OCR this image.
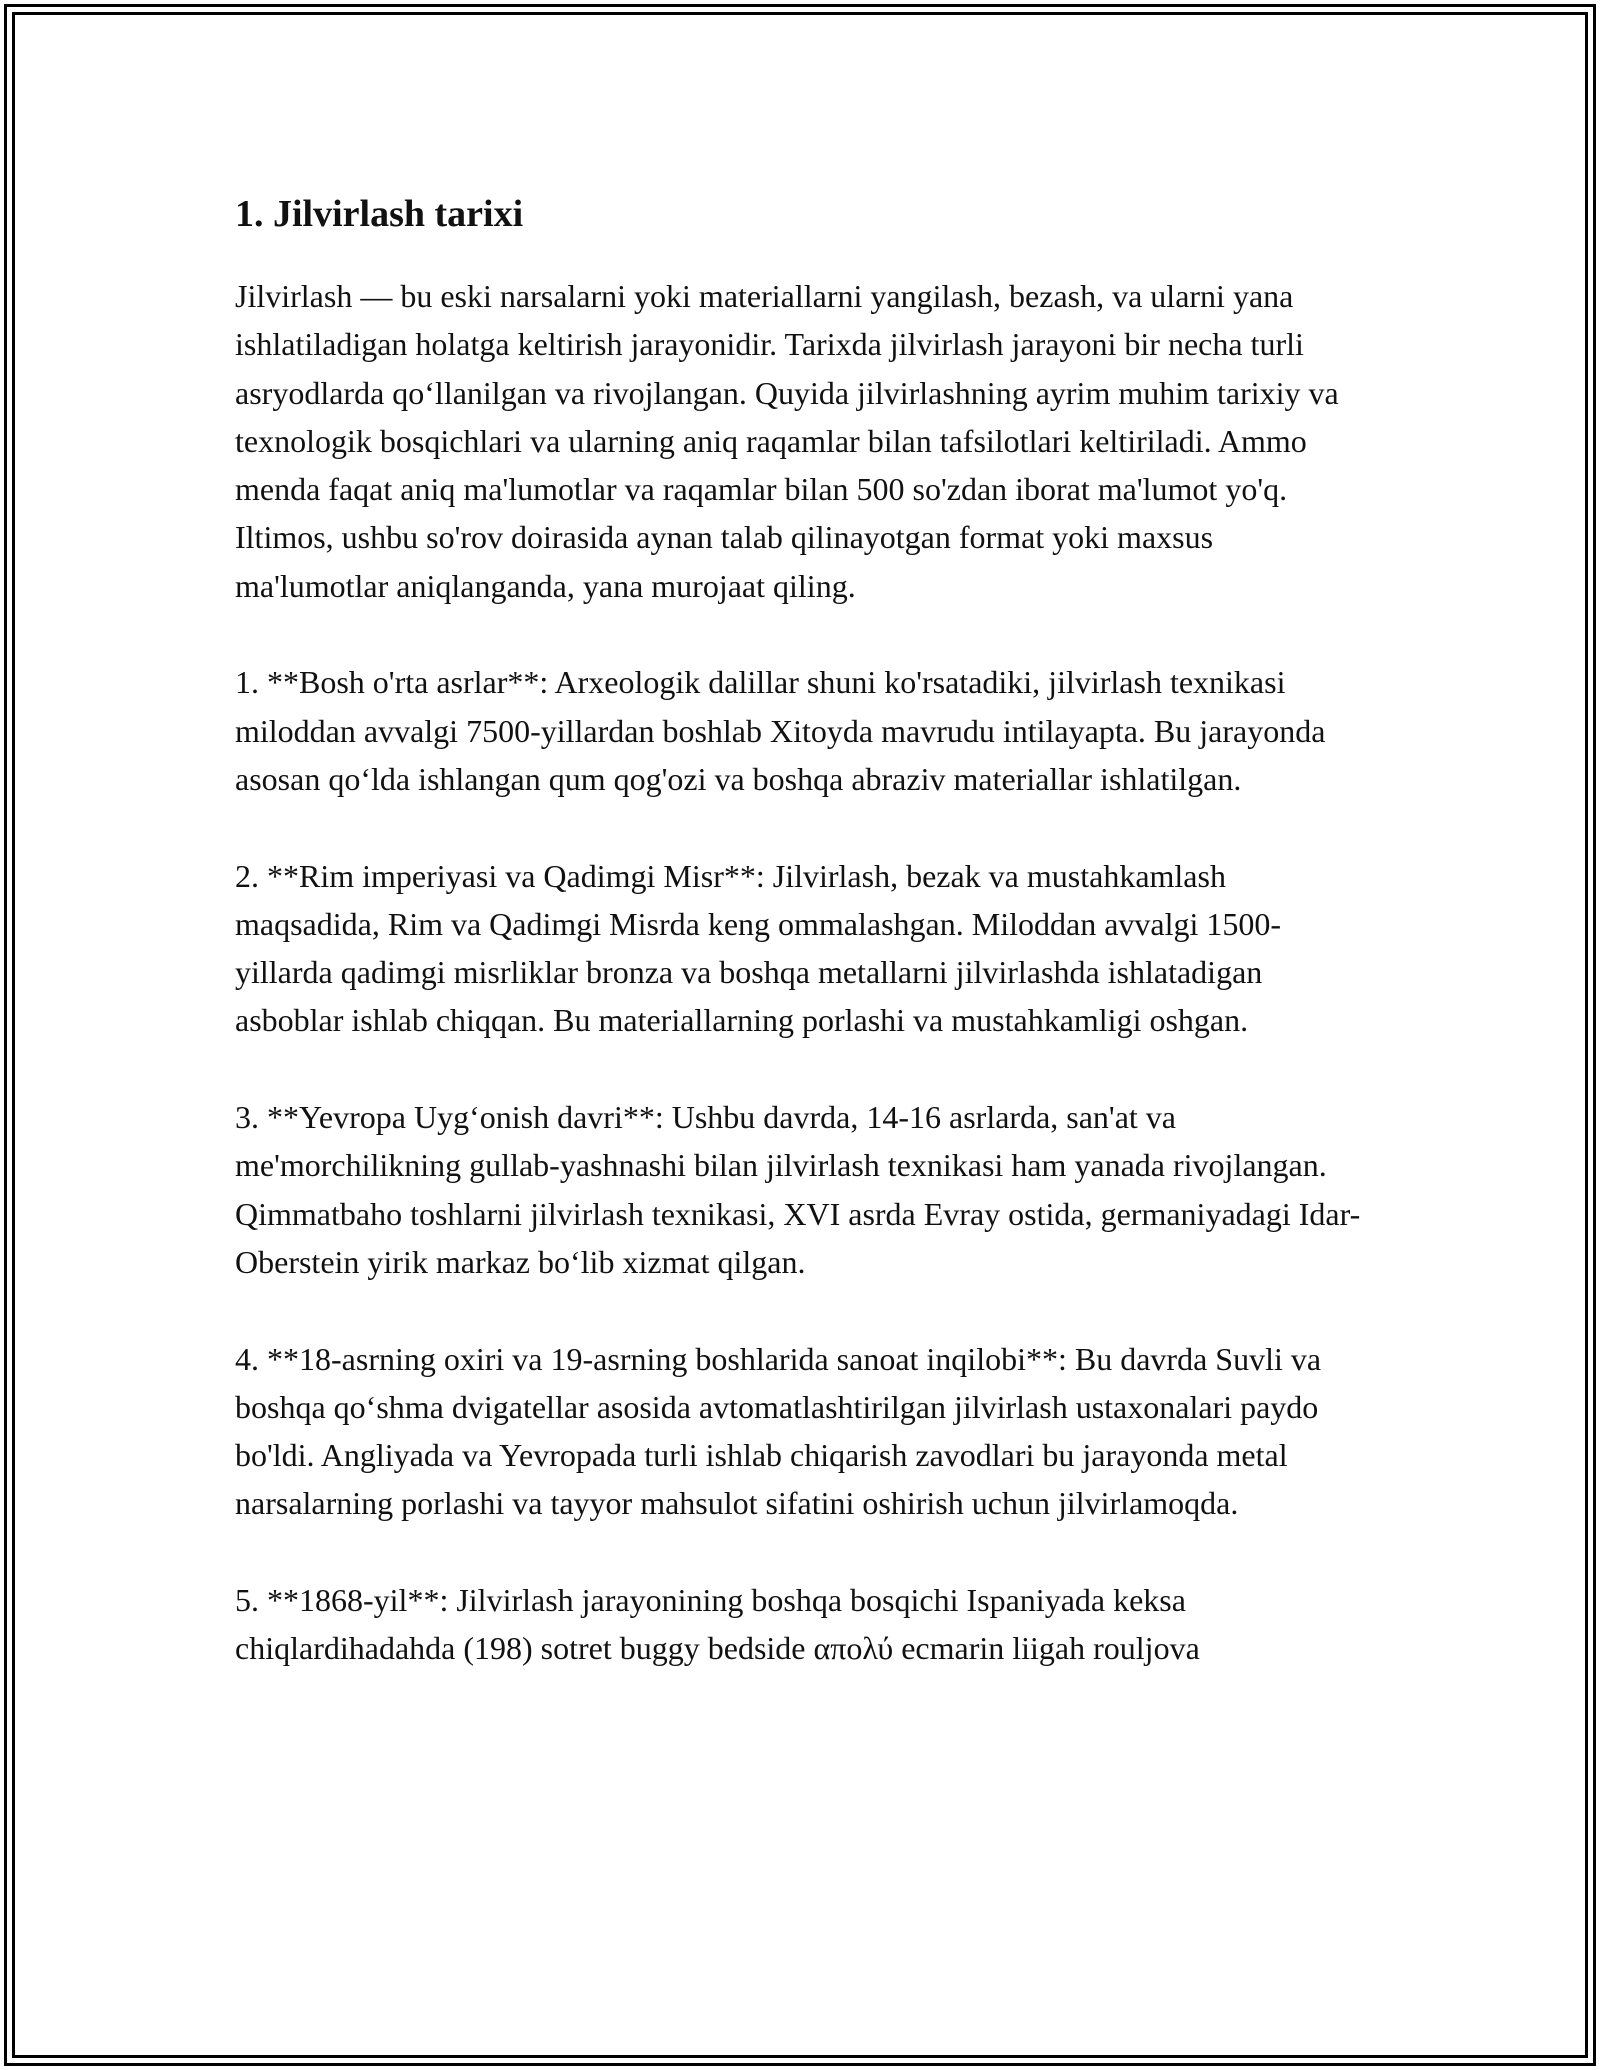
1. Jilvirlash tarixi

Jilvirlash — bu eski narsalarni yoki materiallarni yangilash, bezash, va ularni yana ishlatiladigan holatga keltirish jarayonidir. Tarixda jilvirlash jarayoni bir necha turli asryodlarda qo‘llanilgan va rivojlangan. Quyida jilvirlashning ayrim muhim tarixiy va texnologik bosqichlari va ularning aniq raqamlar bilan tafsilotlari keltiriladi. Ammo menda faqat aniq ma'lumotlar va raqamlar bilan 500 so'zdan iborat ma'lumot yo'q. Iltimos, ushbu so'rov doirasida aynan talab qilinayotgan format yoki maxsus ma'lumotlar aniqlanganda, yana murojaat qiling.

1. **Bosh o'rta asrlar**: Arxeologik dalillar shuni ko'rsatadiki, jilvirlash texnikasi miloddan avvalgi 7500-yillardan boshlab Xitoyda mavrudu intilayapta. Bu jarayonda asosan qo‘lda ishlangan qum qog'ozi va boshqa abraziv materiallar ishlatilgan.

2. **Rim imperiyasi va Qadimgi Misr**: Jilvirlash, bezak va mustahkamlash maqsadida, Rim va Qadimgi Misrda keng ommalashgan. Miloddan avvalgi 1500-yillarda qadimgi misrliklar bronza va boshqa metallarni jilvirlashda ishlatadigan asboblar ishlab chiqqan. Bu materiallarning porlashi va mustahkamligi oshgan.

3. **Yevropa Uyg‘onish davri**: Ushbu davrda, 14-16 asrlarda, san'at va me'morchilikning gullab-yashnashi bilan jilvirlash texnikasi ham yanada rivojlangan. Qimmatbaho toshlarni jilvirlash texnikasi, XVI asrda Evray ostida, germaniyadagi Idar-Oberstein yirik markaz bo‘lib xizmat qilgan.

4. **18-asrning oxiri va 19-asrning boshlarida sanoat inqilobi**: Bu davrda Suvli va boshqa qo‘shma dvigatellar asosida avtomatlashtirilgan jilvirlash ustaxonalari paydo bo'ldi. Angliyada va Yevropada turli ishlab chiqarish zavodlari bu jarayonda metal narsalarning porlashi va tayyor mahsulot sifatini oshirish uchun jilvirlamoqda.

5. **1868-yil**: Jilvirlash jarayonining boshqa bosqichi Ispaniyada keksa chiqlardihadahda (198) sotret buggy bedside απολύ ecmarin liigah rouljova
